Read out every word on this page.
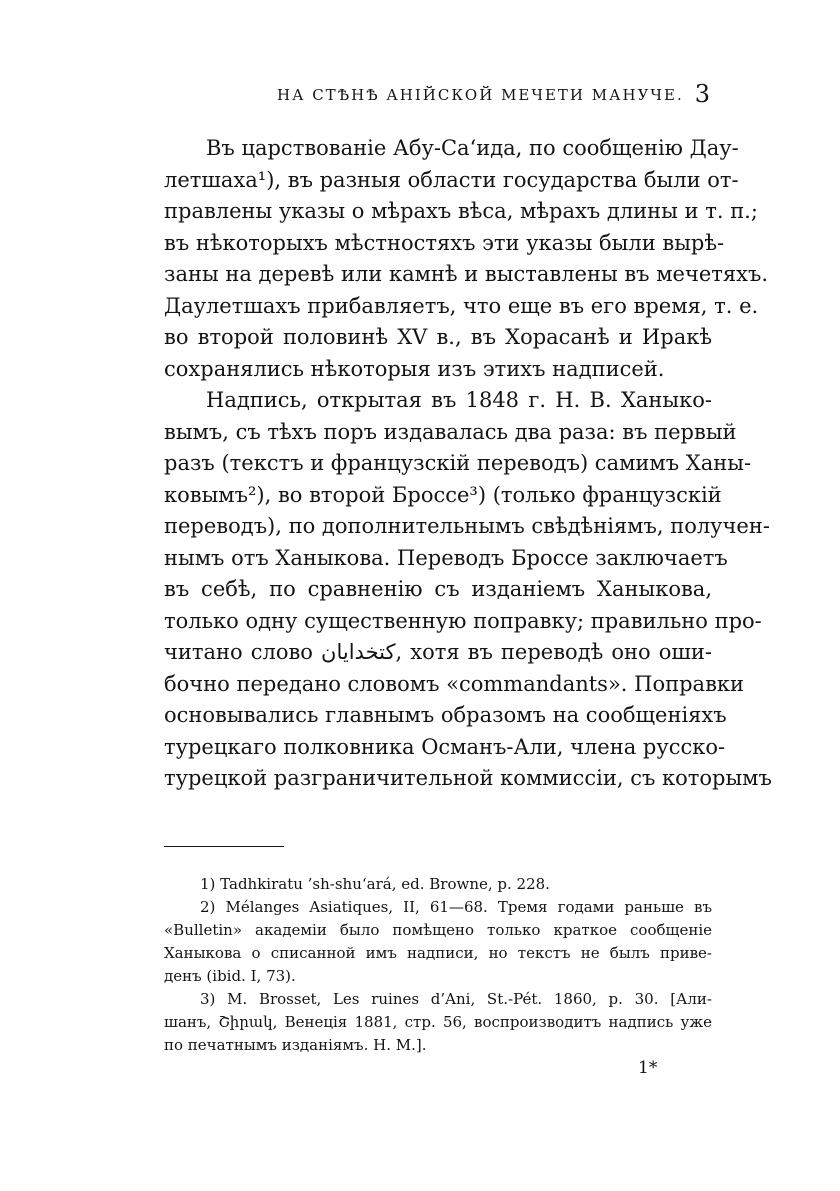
НА СТѢНѢ АНІЙСКОЙ МЕЧЕТИ МАНУЧЕ. 3
Въ царствованіе Абу-Са‘ида, по сообщенію Дау-
летшаха¹), въ разныя области государства были от-
правлены указы о мѣрахъ вѣса, мѣрахъ длины и т. п.;
въ нѣкоторыхъ мѣстностяхъ эти указы были вырѣ-
заны на деревѣ или камнѣ и выставлены въ мечетяхъ.
Даулетшахъ прибавляетъ, что еще въ его время, т. е.
во второй половинѣ XV в., въ Хорасанѣ и Иракѣ
сохранялись нѣкоторыя изъ этихъ надписей.
Надпись, открытая въ 1848 г. Н. В. Ханыко-
вымъ, съ тѣхъ поръ издавалась два раза: въ первый
разъ (текстъ и французскій переводъ) самимъ Ханы-
ковымъ²), во второй Броссе³) (только французскій
переводъ), по дополнительнымъ свѣдѣніямъ, получен-
нымъ отъ Ханыкова. Переводъ Броссе заключаетъ
въ себѣ, по сравненію съ изданіемъ Ханыкова,
только одну существенную поправку; правильно про-
читано слово كتخدايان, хотя въ переводѣ оно оши-
бочно передано словомъ «commandants». Поправки
основывались главнымъ образомъ на сообщеніяхъ
турецкаго полковника Османъ-Али, члена русско-
турецкой разграничительной коммиссіи, съ которымъ
1) Tadhkiratu ’sh-shu‘ará, ed. Browne, p. 228.
2) Mélanges Asiatiques, II, 61—68. Тремя годами раньше въ
«Bulletin» академіи было помѣщено только краткое сообщеніе
Ханыкова о списанной имъ надписи, но текстъ не былъ приве-
денъ (ibid. I, 73).
3) M. Brosset, Les ruines d’Ani, St.-Pét. 1860, p. 30. [Али-
шанъ, Շիրակ, Венеція 1881, стр. 56, воспроизводитъ надпись уже
по печатнымъ изданіямъ. Н. М.].
1*
